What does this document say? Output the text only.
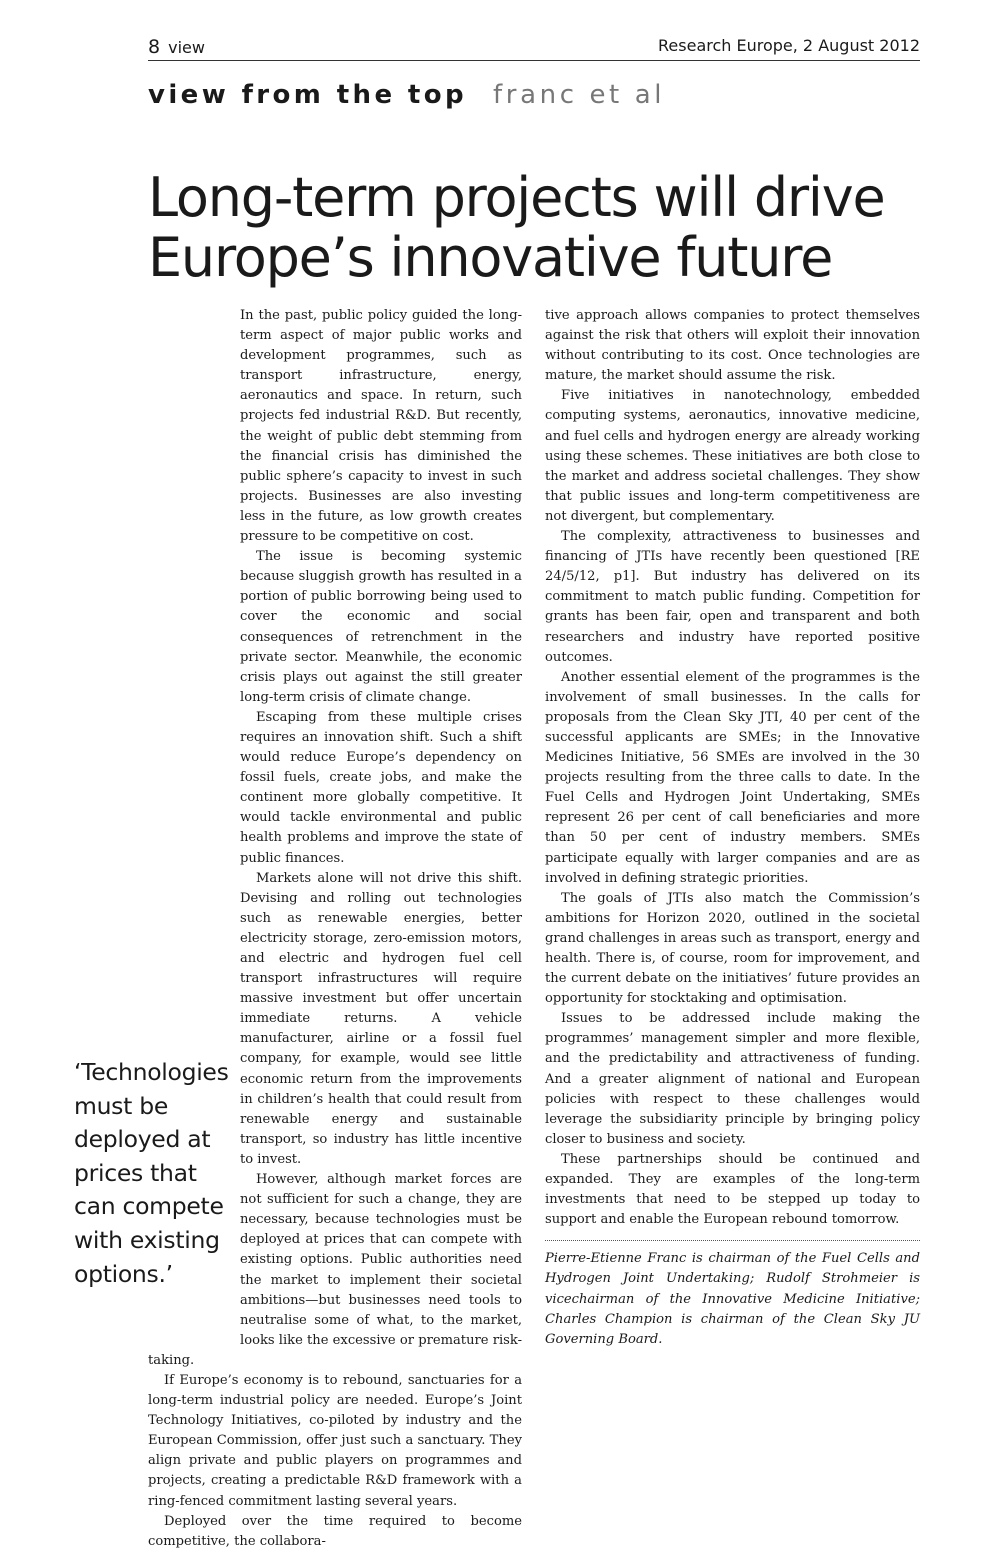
8 view	Research Europe, 2 August 2012
view from the top franc et al
Long-term projects will drive Europe’s innovative future

In the past, public policy guided the long-term aspect of major public works and development programmes, such as transport infrastructure, energy, aeronautics and space. In return, such projects fed industrial R&D. But recently, the weight of public debt stemming from the financial crisis has diminished the public sphere’s capacity to invest in such projects. Businesses are also investing less in the future, as low growth creates pressure to be competitive on cost.

The issue is becoming systemic because sluggish growth has resulted in a portion of public borrowing being used to cover the economic and social consequences of retrenchment in the private sector. Meanwhile, the economic crisis plays out against the still greater long-term crisis of climate change.

Escaping from these multiple crises requires an innovation shift. Such a shift would reduce Europe’s dependency on fossil fuels, create jobs, and make the continent more globally competitive. It would tackle environmental and public health problems and improve the state of public finances.

Markets alone will not drive this shift. Devising and rolling out technologies such as renewable energies, better electricity storage, zero-emission motors, and electric and hydrogen fuel cell transport infrastructures will require massive investment but offer uncertain immediate returns. A vehicle manufacturer, airline or a fossil fuel company, for example, would see little economic return from the improvements in children’s health that could result from renewable energy and sustainable transport, so industry has little incentive to invest.

However, although market forces are not sufficient for such a change, they are necessary, because technologies must be deployed at prices that can compete with existing options. Public authorities need the market to implement their societal ambitions—but businesses need tools to neutralise some of what, to the market, looks like the excessive or premature risk-taking.

If Europe’s economy is to rebound, sanctuaries for a long-term industrial policy are needed. Europe’s Joint Technology Initiatives, co-piloted by industry and the European Commission, offer just such a sanctuary. They align private and public players on programmes and projects, creating a predictable R&D framework with a ring-fenced commitment lasting several years.

Deployed over the time required to become competitive, the collabora-

‘Technologies must be deployed at prices that can compete with existing options.’

tive approach allows companies to protect themselves against the risk that others will exploit their innovation without contributing to its cost. Once technologies are mature, the market should assume the risk.

Five initiatives in nanotechnology, embedded computing systems, aeronautics, innovative medicine, and fuel cells and hydrogen energy are already working using these schemes. These initiatives are both close to the market and address societal challenges. They show that public issues and long-term competitiveness are not divergent, but complementary.

The complexity, attractiveness to businesses and financing of JTIs have recently been questioned [RE 24/5/12, p1]. But industry has delivered on its commitment to match public funding. Competition for grants has been fair, open and transparent and both researchers and industry have reported positive outcomes.

Another essential element of the programmes is the involvement of small businesses. In the calls for proposals from the Clean Sky JTI, 40 per cent of the successful applicants are SMEs; in the Innovative Medicines Initiative, 56 SMEs are involved in the 30 projects resulting from the three calls to date. In the Fuel Cells and Hydrogen Joint Undertaking, SMEs represent 26 per cent of call beneficiaries and more than 50 per cent of industry members. SMEs participate equally with larger companies and are as involved in defining strategic priorities.

The goals of JTIs also match the Commission’s ambitions for Horizon 2020, outlined in the societal grand challenges in areas such as transport, energy and health. There is, of course, room for improvement, and the current debate on the initiatives’ future provides an opportunity for stocktaking and optimisation.

Issues to be addressed include making the programmes’ management simpler and more flexible, and the predictability and attractiveness of funding. And a greater alignment of national and European policies with respect to these challenges would leverage the subsidiarity principle by bringing policy closer to business and society.

These partnerships should be continued and expanded. They are examples of the long-term investments that need to be stepped up today to support and enable the European rebound tomorrow.

Pierre-Etienne Franc is chairman of the Fuel Cells and Hydrogen Joint Undertaking; Rudolf Strohmeier is vicechairman of the Innovative Medicine Initiative; Charles Champion is chairman of the Clean Sky JU Governing Board.
